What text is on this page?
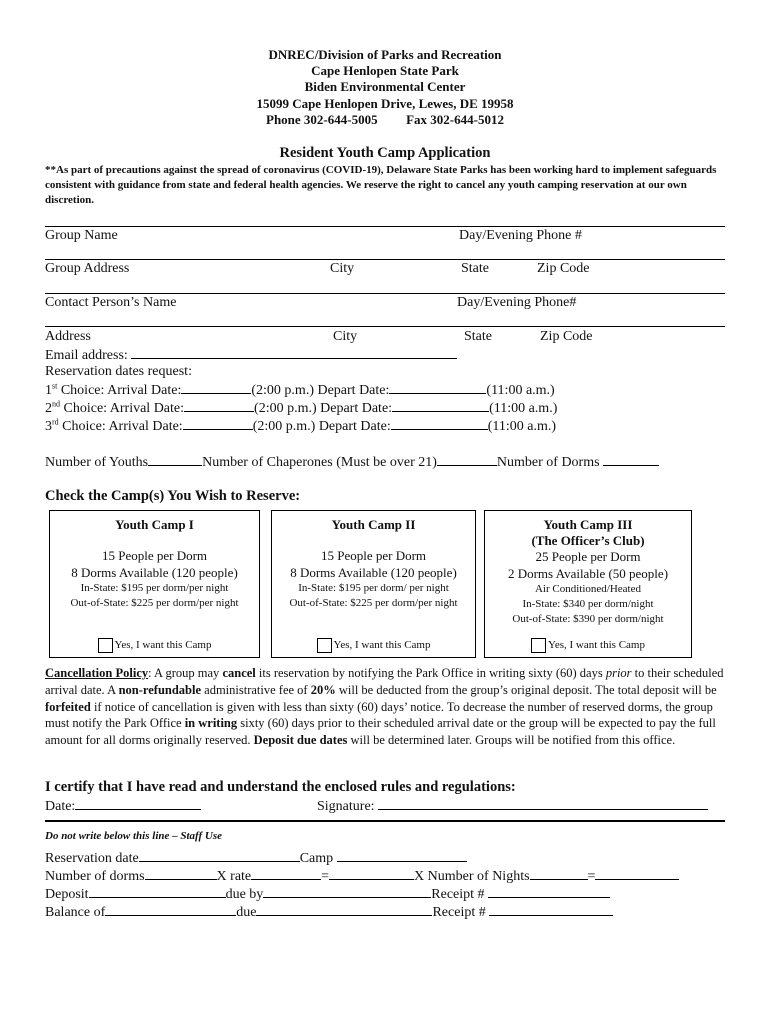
DNREC/Division of Parks and Recreation
Cape Henlopen State Park
Biden Environmental Center
15099 Cape Henlopen Drive, Lewes, DE 19958
Phone 302-644-5005 Fax 302-644-5012
Resident Youth Camp Application
**As part of precautions against the spread of coronavirus (COVID-19), Delaware State Parks has been working hard to implement safeguards consistent with guidance from state and federal health agencies. We reserve the right to cancel any youth camping reservation at our own discretion.
Group Name	Day/Evening Phone #
Group Address	City	State	Zip Code
Contact Person’s Name	Day/Evening Phone#
Address	City	State	Zip Code
Email address:
Reservation dates request:
1st Choice: Arrival Date:	(2:00 p.m.) Depart Date:	(11:00 a.m.)
2nd Choice: Arrival Date:	(2:00 p.m.) Depart Date:	(11:00 a.m.)
3rd Choice: Arrival Date:	(2:00 p.m.) Depart Date:	(11:00 a.m.)
Number of Youths	Number of Chaperones (Must be over 21)	Number of Dorms
Check the Camp(s) You Wish to Reserve:
Youth Camp I
15 People per Dorm
8 Dorms Available (120 people)
In-State: $195 per dorm/per night
Out-of-State: $225 per dorm/per night
Yes, I want this Camp
Youth Camp II
15 People per Dorm
8 Dorms Available (120 people)
In-State: $195 per dorm/ per night
Out-of-State: $225 per dorm/per night
Yes, I want this Camp
Youth Camp III
(The Officer’s Club)
25 People per Dorm
2 Dorms Available (50 people)
Air Conditioned/Heated
In-State: $340 per dorm/night
Out-of-State: $390 per dorm/night
Yes, I want this Camp
Cancellation Policy: A group may cancel its reservation by notifying the Park Office in writing sixty (60) days prior to their scheduled arrival date. A non-refundable administrative fee of 20% will be deducted from the group’s original deposit. The total deposit will be forfeited if notice of cancellation is given with less than sixty (60) days’ notice. To decrease the number of reserved dorms, the group must notify the Park Office in writing sixty (60) days prior to their scheduled arrival date or the group will be expected to pay the full amount for all dorms originally reserved. Deposit due dates will be determined later. Groups will be notified from this office.
I certify that I have read and understand the enclosed rules and regulations:
Date:	Signature:
Do not write below this line – Staff Use
Reservation date	Camp
Number of dorms	X rate	=	X Number of Nights	=
Deposit	due by	Receipt #
Balance of	due	Receipt #
